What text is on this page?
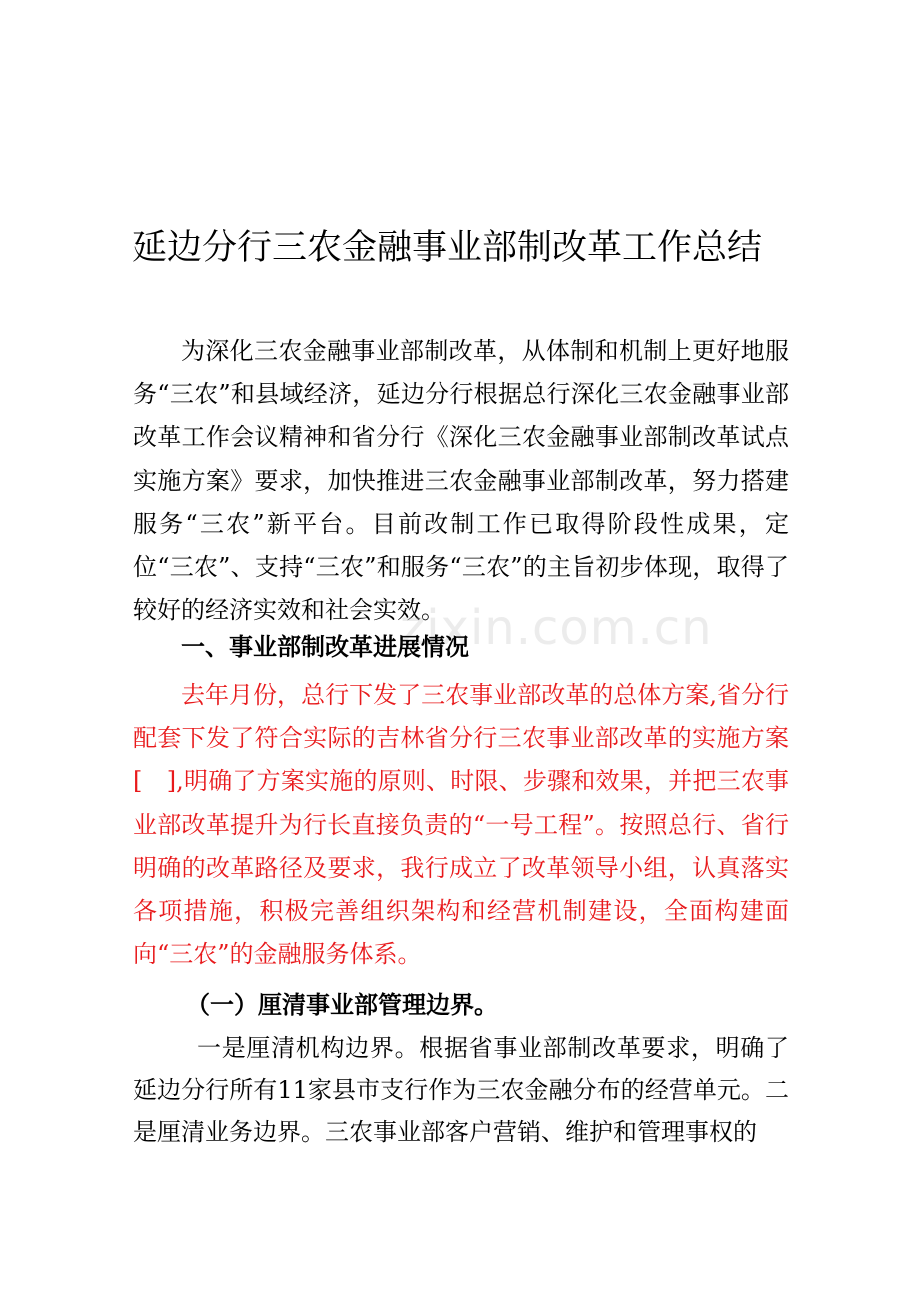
延边分行三农金融事业部制改革工作总结

为深化三农金融事业部制改革，从体制和机制上更好地服务“三农”和县域经济，延边分行根据总行深化三农金融事业部改革工作会议精神和省分行《深化三农金融事业部制改革试点实施方案》要求，加快推进三农金融事业部制改革，努力搭建服务“三农”新平台。目前改制工作已取得阶段性成果，定位“三农”、支持“三农”和服务“三农”的主旨初步体现，取得了较好的经济实效和社会实效。

zixin.com.cn
一、事业部制改革进展情况

去年月份，总行下发了三农事业部改革的总体方案,省分行配套下发了符合实际的吉林省分行三农事业部改革的实施方案[　],明确了方案实施的原则、时限、步骤和效果，并把三农事业部改革提升为行长直接负责的“一号工程”。按照总行、省行明确的改革路径及要求，我行成立了改革领导小组，认真落实各项措施，积极完善组织架构和经营机制建设，全面构建面向“三农”的金融服务体系。

（一）厘清事业部管理边界。

一是厘清机构边界。根据省事业部制改革要求，明确了延边分行所有11家县市支行作为三农金融分布的经营单元。二是厘清业务边界。三农事业部客户营销、维护和管理事权的
